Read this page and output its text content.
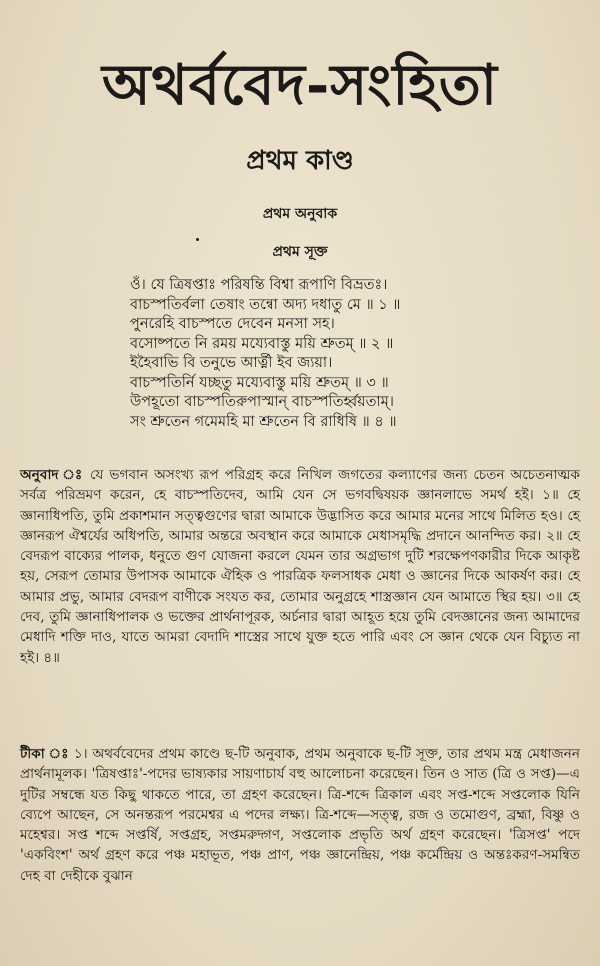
অথর্ববেদ-সংহিতা
প্রথম কাণ্ড
প্রথম অনুবাক
প্রথম সূক্ত
ওঁ। যে ত্রিষপ্তাঃ পরিষন্তি বিশ্বা রূপাণি বিভ্রতঃ।
বাচস্পতির্বলা তেষাং তন্বো অদ্য দধাতু মে ॥ ১ ॥
পুনরেহি বাচস্পতে দেবেন মনসা সহ।
বসোষ্পতে নি রময় ময্যেবাস্তু ময়ি শ্রুতম্ ॥ ২ ॥
ইহৈবাভি বি তনুভে আর্ত্নী ইব জ্যয়া।
বাচস্পতির্নি যচ্ছতু ময্যেবাস্তু ময়ি শ্রুতম্ ॥ ৩ ॥
উপহূতো বাচস্পতিরুপাস্মান্ বাচস্পতির্হ্বয়তাম্।
সং শ্রুতেন গমেমহি মা শ্রুতেন বি রাধিষি ॥ ৪ ॥
অনুবাদ ঃ যে ভগবান অসংখ্য রূপ পরিগ্রহ করে নিখিল জগতের কল্যাণের জন্য চেতন অচেতনাত্মক সর্বত্র পরিভ্রমণ করেন, হে বাচস্পতিদেব, আমি যেন সে ভগবদ্বিষয়ক জ্ঞানলাভে সমর্থ হই। ১॥ হে জ্ঞানাধিপতি, তুমি প্রকাশমান সত্ত্বগুণের দ্বারা আমাকে উদ্ভাসিত করে আমার মনের সাথে মিলিত হও। হে জ্ঞানরূপ ঐশ্বর্যের অধিপতি, আমার অন্তরে অবস্থান করে আমাকে মেধাসমৃদ্ধি প্রদানে আনন্দিত কর। ২॥ হে বেদরূপ বাক্যের পালক, ধনুতে গুণ যোজনা করলে যেমন তার অগ্রভাগ দুটি শরক্ষেপণকারীর দিকে আকৃষ্ট হয়, সেরূপ তোমার উপাসক আমাকে ঐহিক ও পারত্রিক ফলসাধক মেধা ও জ্ঞানের দিকে আকর্ষণ কর। হে আমার প্রভু, আমার বেদরূপ বাণীকে সংযত কর, তোমার অনুগ্রহে শাস্ত্রজ্ঞান যেন আমাতে স্থির হয়। ৩॥ হে দেব, তুমি জ্ঞানাধিপালক ও ভক্তের প্রার্থনাপূরক, অর্চনার দ্বারা আহূত হয়ে তুমি বেদজ্ঞানের জন্য আমাদের মেধাদি শক্তি দাও, যাতে আমরা বেদাদি শাস্ত্রের সাথে যুক্ত হতে পারি এবং সে জ্ঞান থেকে যেন বিচ্যুত না হই। ৪॥
টীকা ঃ ১। অথর্ববেদের প্রথম কাণ্ডে ছ-টি অনুবাক, প্রথম অনুবাকে ছ-টি সূক্ত, তার প্রথম মন্ত্র মেধাজনন প্রার্থনামূলক। 'ত্রিষপ্তাঃ'-পদের ভাষ্যকার সায়ণাচার্য বহু আলোচনা করেছেন। তিন ও সাত (ত্রি ও সপ্ত)—এ দুটির সম্বন্ধে যত কিছু থাকতে পারে, তা গ্রহণ করেছেন। ত্রি-শব্দে ত্রিকাল এবং সপ্ত-শব্দে সপ্তলোক যিনি ব্যেপে আছেন, সে অনন্তরূপ পরমেশ্বর এ পদের লক্ষ্য। ত্রি-শব্দে—সত্ত্ব, রজ ও তমোগুণ, ব্রহ্মা, বিষ্ণু ও মহেশ্বর। সপ্ত শব্দে সপ্তর্ষি, সপ্তগ্রহ, সপ্তমরুদ্গণ, সপ্তলোক প্রভৃতি অর্থ গ্রহণ করেছেন। 'ত্রিসপ্ত' পদে 'একবিংশ' অর্থ গ্রহণ করে পঞ্চ মহাভূত, পঞ্চ প্রাণ, পঞ্চ জ্ঞানেন্দ্রিয়, পঞ্চ কর্মেন্দ্রিয় ও অন্তঃকরণ-সমন্বিত দেহ বা দেহীকে বুঝান
